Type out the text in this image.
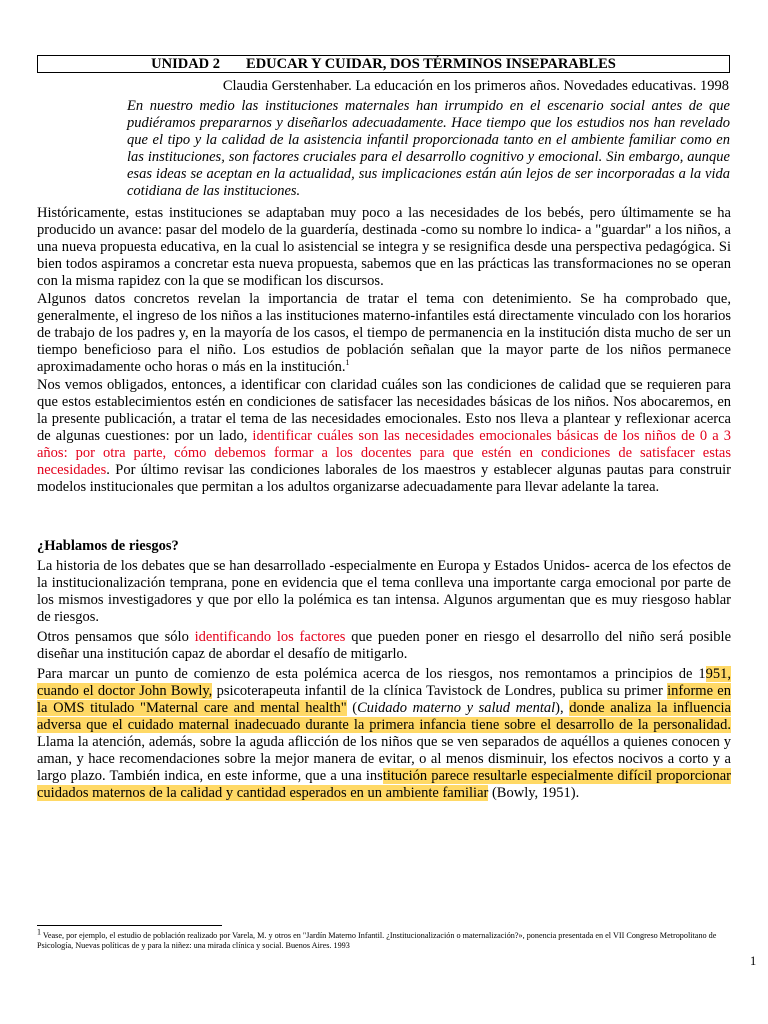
UNIDAD 2 EDUCAR Y CUIDAR, DOS TÉRMINOS INSEPARABLES
Claudia Gerstenhaber. La educación en los primeros años. Novedades educativas. 1998

En nuestro medio las instituciones maternales han irrumpido en el escenario social antes de que pudiéramos prepararnos y diseñarlos adecuadamente. Hace tiempo que los estudios nos han revelado que el tipo y la calidad de la asistencia infantil proporcionada tanto en el ambiente familiar como en las instituciones, son factores cruciales para el desarrollo cognitivo y emocional. Sin embargo, aunque esas ideas se aceptan en la actualidad, sus implicaciones están aún lejos de ser incorporadas a la vida cotidiana de las instituciones.

Históricamente, estas instituciones se adaptaban muy poco a las necesidades de los bebés, pero últimamente se ha producido un avance: pasar del modelo de la guardería, destinada -como su nombre lo indica- a "guardar" a los niños, a una nueva propuesta educativa, en la cual lo asistencial se integra y se resignifica desde una perspectiva pedagógica. Si bien todos aspiramos a concretar esta nueva propuesta, sabemos que en las prácticas las transformaciones no se operan con la misma rapidez con la que se modifican los discursos.

Algunos datos concretos revelan la importancia de tratar el tema con detenimiento. Se ha comprobado que, generalmente, el ingreso de los niños a las instituciones materno-infantiles está directamente vinculado con los horarios de trabajo de los padres y, en la mayoría de los casos, el tiempo de permanencia en la institución dista mucho de ser un tiempo beneficioso para el niño. Los estudios de población señalan que la mayor parte de los niños permanece aproximadamente ocho horas o más en la institución.$^1$

Nos vemos obligados, entonces, a identificar con claridad cuáles son las condiciones de calidad que se requieren para que estos establecimientos estén en condiciones de satisfacer las necesidades básicas de los niños. Nos abocaremos, en la presente publicación, a tratar el tema de las necesidades emocionales. Esto nos lleva a plantear y reflexionar acerca de algunas cuestiones: por un lado, identificar cuáles son las necesidades emocionales básicas de los niños de 0 a 3 años: por otra parte, cómo debemos formar a los docentes para que estén en condiciones de satisfacer estas necesidades. Por último revisar las condiciones laborales de los maestros y establecer algunas pautas para construir modelos institucionales que permitan a los adultos organizarse adecuadamente para llevar adelante la tarea.

¿Hablamos de riesgos?

La historia de los debates que se han desarrollado -especialmente en Europa y Estados Unidos- acerca de los efectos de la institucionalización temprana, pone en evidencia que el tema conlleva una importante carga emocional por parte de los mismos investigadores y que por ello la polémica es tan intensa. Algunos argumentan que es muy riesgoso hablar de riesgos.

Otros pensamos que sólo identificando los factores que pueden poner en riesgo el desarrollo del niño será posible diseñar una institución capaz de abordar el desafío de mitigarlo.

Para marcar un punto de comienzo de esta polémica acerca de los riesgos, nos remontamos a principios de 1951, cuando el doctor John Bowly, psicoterapeuta infantil de la clínica Tavistock de Londres, publica su primer informe en la OMS titulado "Maternal care and mental health" (Cuidado materno y salud mental), donde analiza la influencia adversa que el cuidado maternal inadecuado durante la primera infancia tiene sobre el desarrollo de la personalidad. Llama la atención, además, sobre la aguda aflicción de los niños que se ven separados de aquéllos a quienes conocen y aman, y hace recomendaciones sobre la mejor manera de evitar, o al menos disminuir, los efectos nocivos a corto y a largo plazo. También indica, en este informe, que a una institución parece resultarle especialmente difícil proporcionar cuidados maternos de la calidad y cantidad esperados en un ambiente familiar (Bowly, 1951).

$^1$ Vease, por ejemplo, el estudio de población realizado por Varela, M. y otros en "Jardín Materno Infantil. ¿Institucionalización o maternalización?», ponencia presentada en el VII Congreso Metropolitano de Psicología, Nuevas políticas de y para la niñez: una mirada clínica y social. Buenos Aires. 1993

1
